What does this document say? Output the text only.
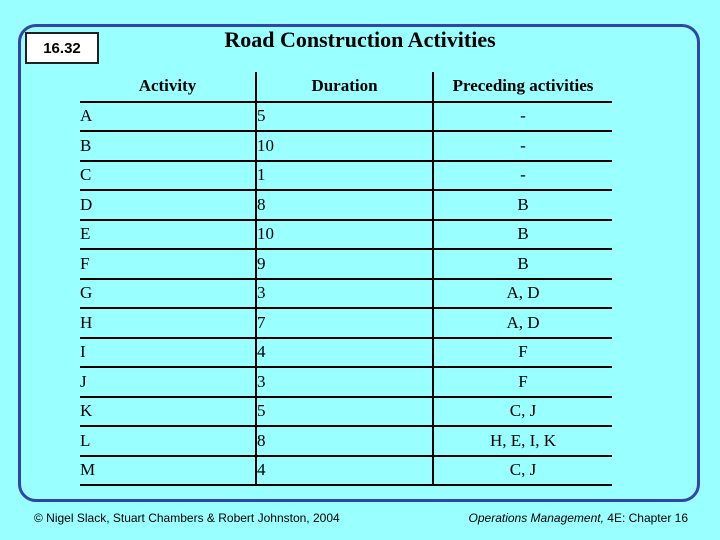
16.32	Road Construction Activities
Activity	Duration	Preceding activities
A	5	-
B	10	-
C	1	-
D	8	B
E	10	B
F	9	B
G	3	A, D
H	7	A, D
I	4	F
J	3	F
K	5	C, J
L	8	H, E, I, K
M	4	C, J
© Nigel Slack, Stuart Chambers & Robert Johnston, 2004	Operations Management, 4E: Chapter 16
